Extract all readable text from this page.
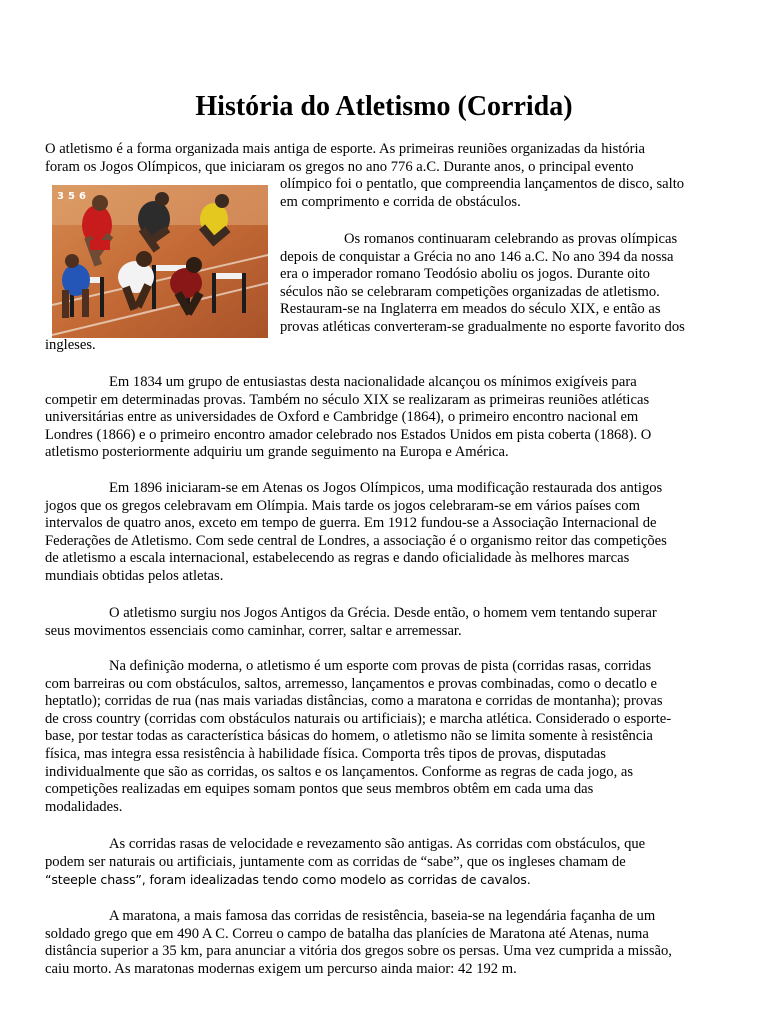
História do Atletismo (Corrida)
3 5 6

O atletismo é a forma organizada mais antiga de esporte. As primeiras reuniões organizadas da história
foram os Jogos Olímpicos, que iniciaram os gregos no ano 776 a.C. Durante anos, o principal evento
olímpico foi o pentatlo, que compreendia lançamentos de disco, salto
em comprimento e corrida de obstáculos.

Os romanos continuaram celebrando as provas olímpicas
depois de conquistar a Grécia no ano 146 a.C. No ano 394 da nossa
era o imperador romano Teodósio aboliu os jogos. Durante oito
séculos não se celebraram competições organizadas de atletismo.
Restauram-se na Inglaterra em meados do século XIX, e então as
provas atléticas converteram-se gradualmente no esporte favorito dos
ingleses.

Em 1834 um grupo de entusiastas desta nacionalidade alcançou os mínimos exigíveis para
competir em determinadas provas. Também no século XIX se realizaram as primeiras reuniões atléticas
universitárias entre as universidades de Oxford e Cambridge (1864), o primeiro encontro nacional em
Londres (1866) e o primeiro encontro amador celebrado nos Estados Unidos em pista coberta (1868). O
atletismo posteriormente adquiriu um grande seguimento na Europa e América.

Em 1896 iniciaram-se em Atenas os Jogos Olímpicos, uma modificação restaurada dos antigos
jogos que os gregos celebravam em Olímpia. Mais tarde os jogos celebraram-se em vários países com
intervalos de quatro anos, exceto em tempo de guerra. Em 1912 fundou-se a Associação Internacional de
Federações de Atletismo. Com sede central de Londres, a associação é o organismo reitor das competições
de atletismo a escala internacional, estabelecendo as regras e dando oficialidade às melhores marcas
mundiais obtidas pelos atletas.

O atletismo surgiu nos Jogos Antigos da Grécia. Desde então, o homem vem tentando superar
seus movimentos essenciais como caminhar, correr, saltar e arremessar.

Na definição moderna, o atletismo é um esporte com provas de pista (corridas rasas, corridas
com barreiras ou com obstáculos, saltos, arremesso, lançamentos e provas combinadas, como o decatlo e
heptatlo); corridas de rua (nas mais variadas distâncias, como a maratona e corridas de montanha); provas
de cross country (corridas com obstáculos naturais ou artificiais); e marcha atlética. Considerado o esporte-
base, por testar todas as característica básicas do homem, o atletismo não se limita somente à resistência
física, mas integra essa resistência à habilidade física. Comporta três tipos de provas, disputadas
individualmente que são as corridas, os saltos e os lançamentos. Conforme as regras de cada jogo, as
competições realizadas em equipes somam pontos que seus membros obtêm em cada uma das
modalidades.

As corridas rasas de velocidade e revezamento são antigas. As corridas com obstáculos, que
podem ser naturais ou artificiais, juntamente com as corridas de “sabe”, que os ingleses chamam de
“steeple chass”, foram idealizadas tendo como modelo as corridas de cavalos.

A maratona, a mais famosa das corridas de resistência, baseia-se na legendária façanha de um
soldado grego que em 490 A C. Correu o campo de batalha das planícies de Maratona até Atenas, numa
distância superior a 35 km, para anunciar a vitória dos gregos sobre os persas. Uma vez cumprida a missão,
caiu morto. As maratonas modernas exigem um percurso ainda maior: 42 192 m.
